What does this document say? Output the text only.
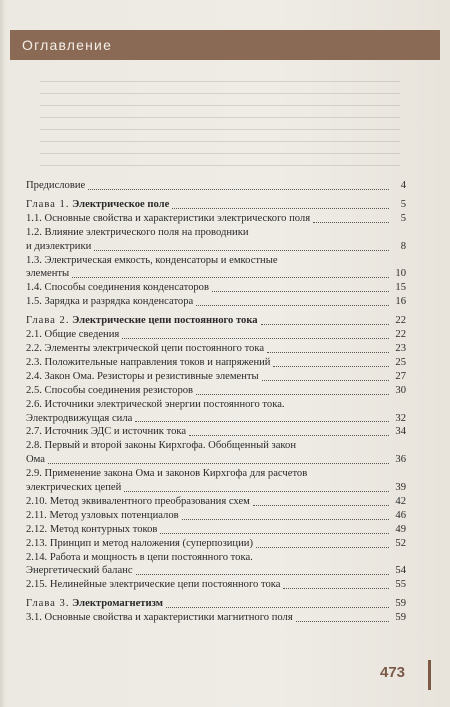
Оглавление
Предисловие	4
Глава 1. Электрическое поле	5
1.1. Основные свойства и характеристики электрического поля	5
1.2. Влияние электрического поля на проводники
и диэлектрики	8
1.3. Электрическая емкость, конденсаторы и емкостные
элементы	10
1.4. Способы соединения конденсаторов	15
1.5. Зарядка и разрядка конденсатора	16
Глава 2. Электрические цепи постоянного тока	22
2.1. Общие сведения	22
2.2. Элементы электрической цепи постоянного тока	23
2.3. Положительные направления токов и напряжений	25
2.4. Закон Ома. Резисторы и резистивные элементы	27
2.5. Способы соединения резисторов	30
2.6. Источники электрической энергии постоянного тока.
Электродвижущая сила	32
2.7. Источник ЭДС и источник тока	34
2.8. Первый и второй законы Кирхгофа. Обобщенный закон
Ома	36
2.9. Применение закона Ома и законов Кирхгофа для расчетов
электрических цепей	39
2.10. Метод эквивалентного преобразования схем	42
2.11. Метод узловых потенциалов	46
2.12. Метод контурных токов	49
2.13. Принцип и метод наложения (суперпозиции)	52
2.14. Работа и мощность в цепи постоянного тока.
Энергетический баланс	54
2.15. Нелинейные электрические цепи постоянного тока	55
Глава 3. Электромагнетизм	59
3.1. Основные свойства и характеристики магнитного поля	59
473
